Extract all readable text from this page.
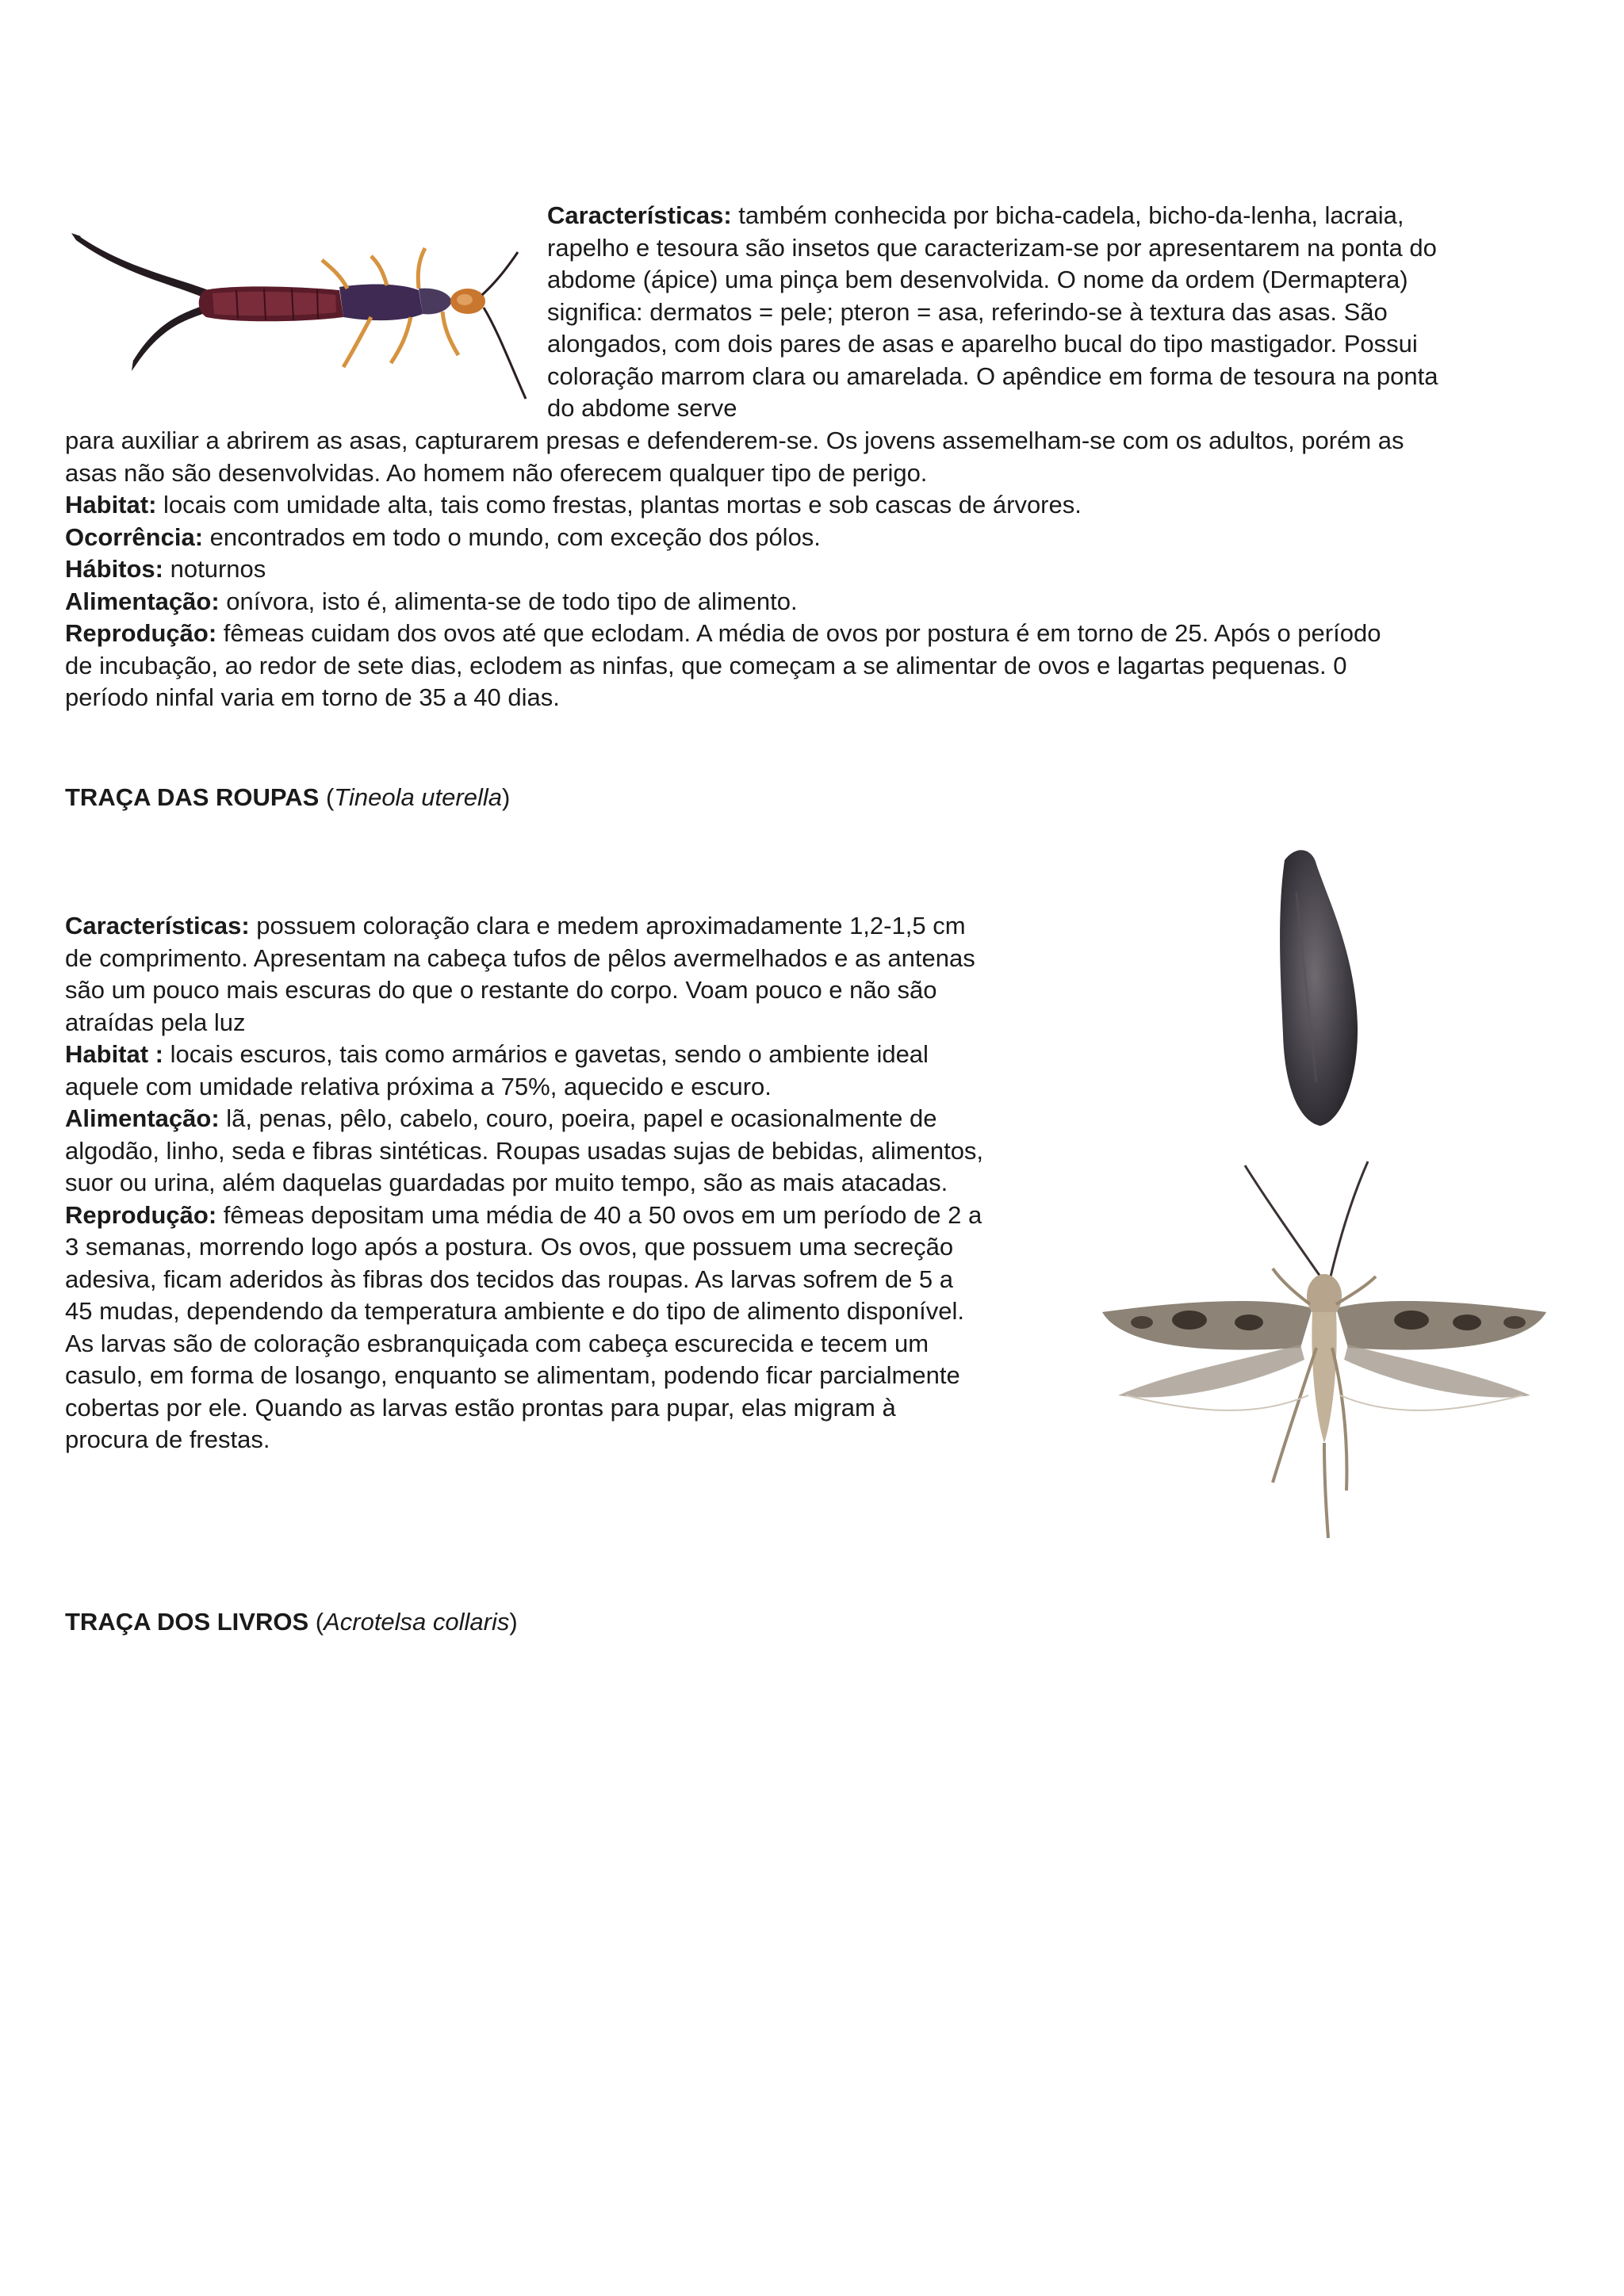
Características: também conhecida por bicha-cadela, bicho-da-lenha, lacraia,

rapelho e tesoura são insetos que caracterizam-se por apresentarem na ponta do

abdome (ápice) uma pinça bem desenvolvida. O nome da ordem (Dermaptera)

significa: dermatos = pele; pteron = asa, referindo-se à textura das asas. São

alongados, com dois pares de asas e aparelho bucal do tipo mastigador. Possui

coloração marrom clara ou amarelada. O apêndice em forma de tesoura na ponta

do abdome serve

para auxiliar a abrirem as asas, capturarem presas e defenderem-se. Os jovens assemelham-se com os adultos, porém as

asas não são desenvolvidas. Ao homem não oferecem qualquer tipo de perigo.

Habitat: locais com umidade alta, tais como frestas, plantas mortas e sob cascas de árvores.

Ocorrência: encontrados em todo o mundo, com exceção dos pólos.

Hábitos: noturnos

Alimentação: onívora, isto é, alimenta-se de todo tipo de alimento.

Reprodução: fêmeas cuidam dos ovos até que eclodam. A média de ovos por postura é em torno de 25. Após o período

de incubação, ao redor de sete dias, eclodem as ninfas, que começam a se alimentar de ovos e lagartas pequenas. 0

período ninfal varia em torno de 35 a 40 dias.

TRAÇA DAS ROUPAS (Tineola uterella)

Características: possuem coloração clara e medem aproximadamente 1,2-1,5 cm

de comprimento. Apresentam na cabeça tufos de pêlos avermelhados e as antenas

são um pouco mais escuras do que o restante do corpo. Voam pouco e não são

atraídas pela luz

Habitat : locais escuros, tais como armários e gavetas, sendo o ambiente ideal

aquele com umidade relativa próxima a 75%, aquecido e escuro.

Alimentação: lã, penas, pêlo, cabelo, couro, poeira, papel e ocasionalmente de

algodão, linho, seda e fibras sintéticas. Roupas usadas sujas de bebidas, alimentos,

suor ou urina, além daquelas guardadas por muito tempo, são as mais atacadas.

Reprodução: fêmeas depositam uma média de 40 a 50 ovos em um período de 2 a

3 semanas, morrendo logo após a postura. Os ovos, que possuem uma secreção

adesiva, ficam aderidos às fibras dos tecidos das roupas. As larvas sofrem de 5 a

45 mudas, dependendo da temperatura ambiente e do tipo de alimento disponível.

As larvas são de coloração esbranquiçada com cabeça escurecida e tecem um

casulo, em forma de losango, enquanto se alimentam, podendo ficar parcialmente

cobertas por ele. Quando as larvas estão prontas para pupar, elas migram à

procura de frestas.

TRAÇA DOS LIVROS (Acrotelsa collaris)
